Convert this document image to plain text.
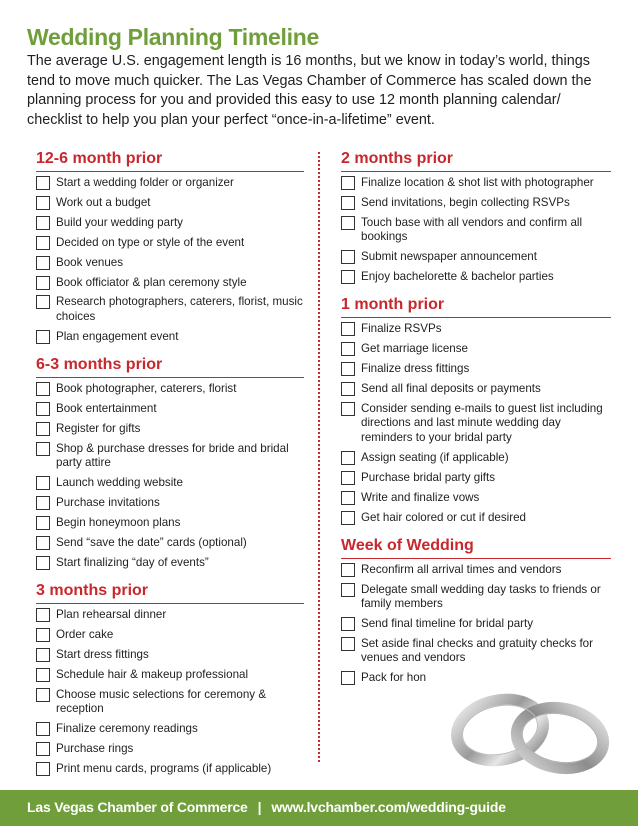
Wedding Planning Timeline

The average U.S. engagement length is 16 months, but we know in today’s world, things tend to move much quicker. The Las Vegas Chamber of Commerce has scaled down the planning process for you and provided this easy to use 12 month planning calendar/ checklist to help you plan your perfect “once-in-a-lifetime” event.

12-6 month prior
Start a wedding folder or organizer
Work out a budget
Build your wedding party
Decided on type or style of the event
Book venues
Book officiator & plan ceremony style
Research photographers, caterers, florist, music choices
Plan engagement event
6-3 months prior
Book photographer, caterers, florist
Book entertainment
Register for gifts
Shop & purchase dresses for bride and bridal party attire
Launch wedding website
Purchase invitations
Begin honeymoon plans
Send “save the date” cards (optional)
Start finalizing “day of events”
3 months prior
Plan rehearsal dinner
Order cake
Start dress fittings
Schedule hair & makeup professional
Choose music selections for ceremony & reception
Finalize ceremony readings
Purchase rings
Print menu cards, programs (if applicable)
2 months prior
Finalize location & shot list with photographer
Send invitations, begin collecting RSVPs
Touch base with all vendors and confirm all bookings
Submit newspaper announcement
Enjoy bachelorette & bachelor parties
1 month prior
Finalize RSVPs
Get marriage license
Finalize dress fittings
Send all final deposits or payments
Consider sending e-mails to guest list including directions and last minute wedding day reminders to your bridal party
Assign seating (if applicable)
Purchase bridal party gifts
Write and finalize vows
Get hair colored or cut if desired
Week of Wedding
Reconfirm all arrival times and vendors
Delegate small wedding day tasks to friends or family members
Send final timeline for bridal party
Set aside final checks and gratuity checks for venues and vendors
Pack for hon
Las Vegas Chamber of Commerce | www.lvchamber.com/wedding-guide
